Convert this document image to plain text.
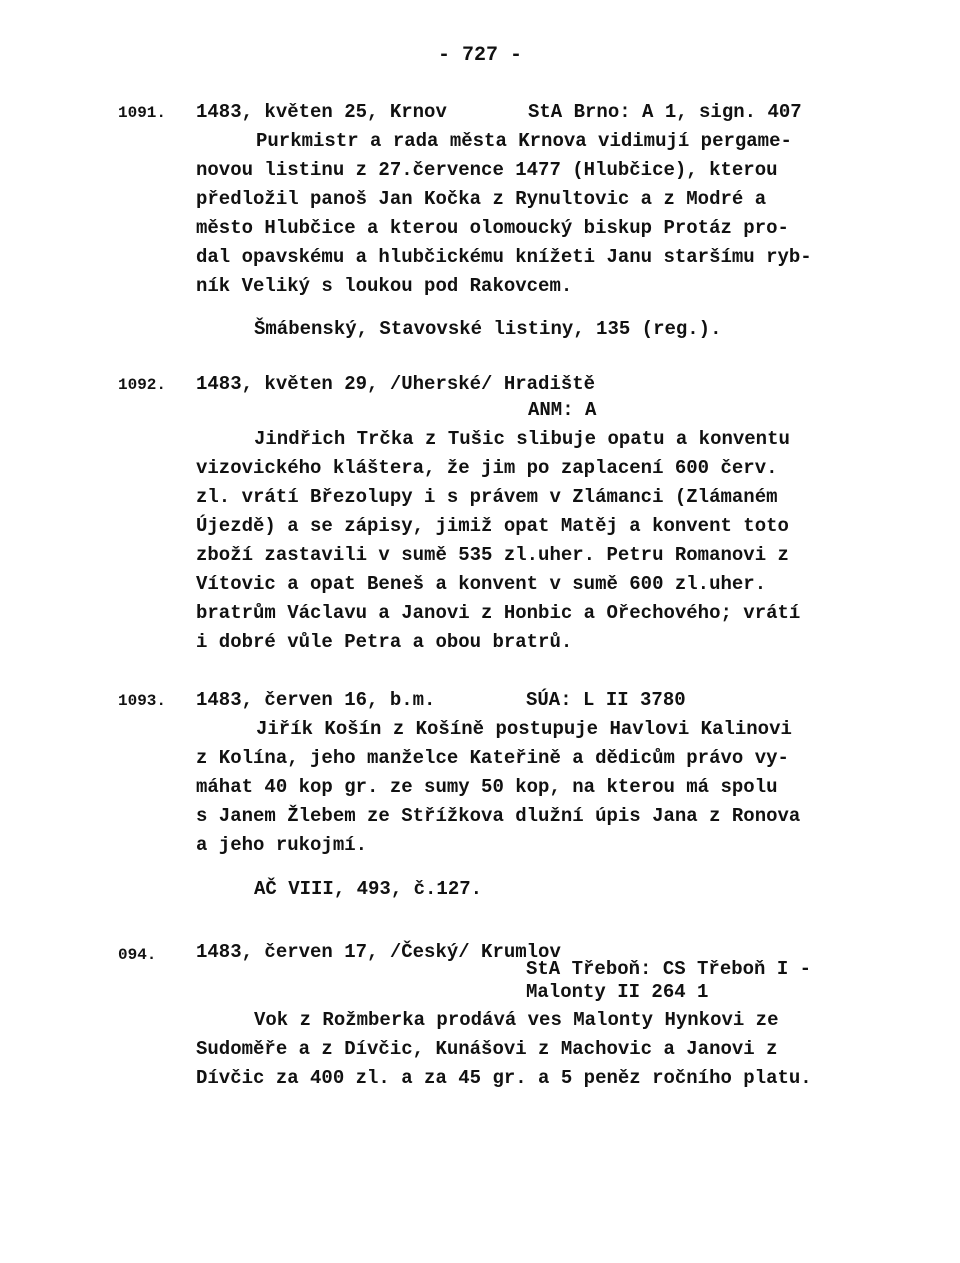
- 727 -
1091. 1483, květen 25, Krnov	StA Brno: A 1, sign. 407
Purkmistr a rada města Krnova vidimují pergame-
novou listinu z 27.července 1477 (Hlubčice), kterou
předložil panoš Jan Kočka z Rynultovic a z Modré a
město Hlubčice a kterou olomoucký biskup Protáz pro-
dal opavskému a hlubčickému knížeti Janu staršímu ryb-
ník Veliký s loukou pod Rakovcem.
Šmábenský, Stavovské listiny, 135 (reg.).
1092. 1483, květen 29, /Uherské/ Hradiště
ANM: A
Jindřich Trčka z Tušic slibuje opatu a konventu
vizovického kláštera, že jim po zaplacení 600 červ.
zl. vrátí Březolupy i s právem v Zlámanci (Zlámaném
Újezdě) a se zápisy, jimiž opat Matěj a konvent toto
zboží zastavili v sumě 535 zl.uher. Petru Romanovi z
Vítovic a opat Beneš a konvent v sumě 600 zl.uher.
bratrům Václavu a Janovi z Honbic a Ořechového; vrátí
i dobré vůle Petra a obou bratrů.
1093. 1483, červen 16, b.m.	SÚA: L II 3780
Jiřík Košín z Košíně postupuje Havlovi Kalinovi
z Kolína, jeho manželce Kateřině a dědicům právo vy-
máhat 40 kop gr. ze sumy 50 kop, na kterou má spolu
s Janem Žlebem ze Střížkova dlužní úpis Jana z Ronova
a jeho rukojmí.
AČ VIII, 493, č.127.
094. 1483, červen 17, /Český/ Krumlov
StA Třeboň: CS Třeboň I -
Malonty II 264 1
Vok z Rožmberka prodává ves Malonty Hynkovi ze
Sudoměře a z Dívčic, Kunášovi z Machovic a Janovi z
Dívčic za 400 zl. a za 45 gr. a 5 peněz ročního platu.
